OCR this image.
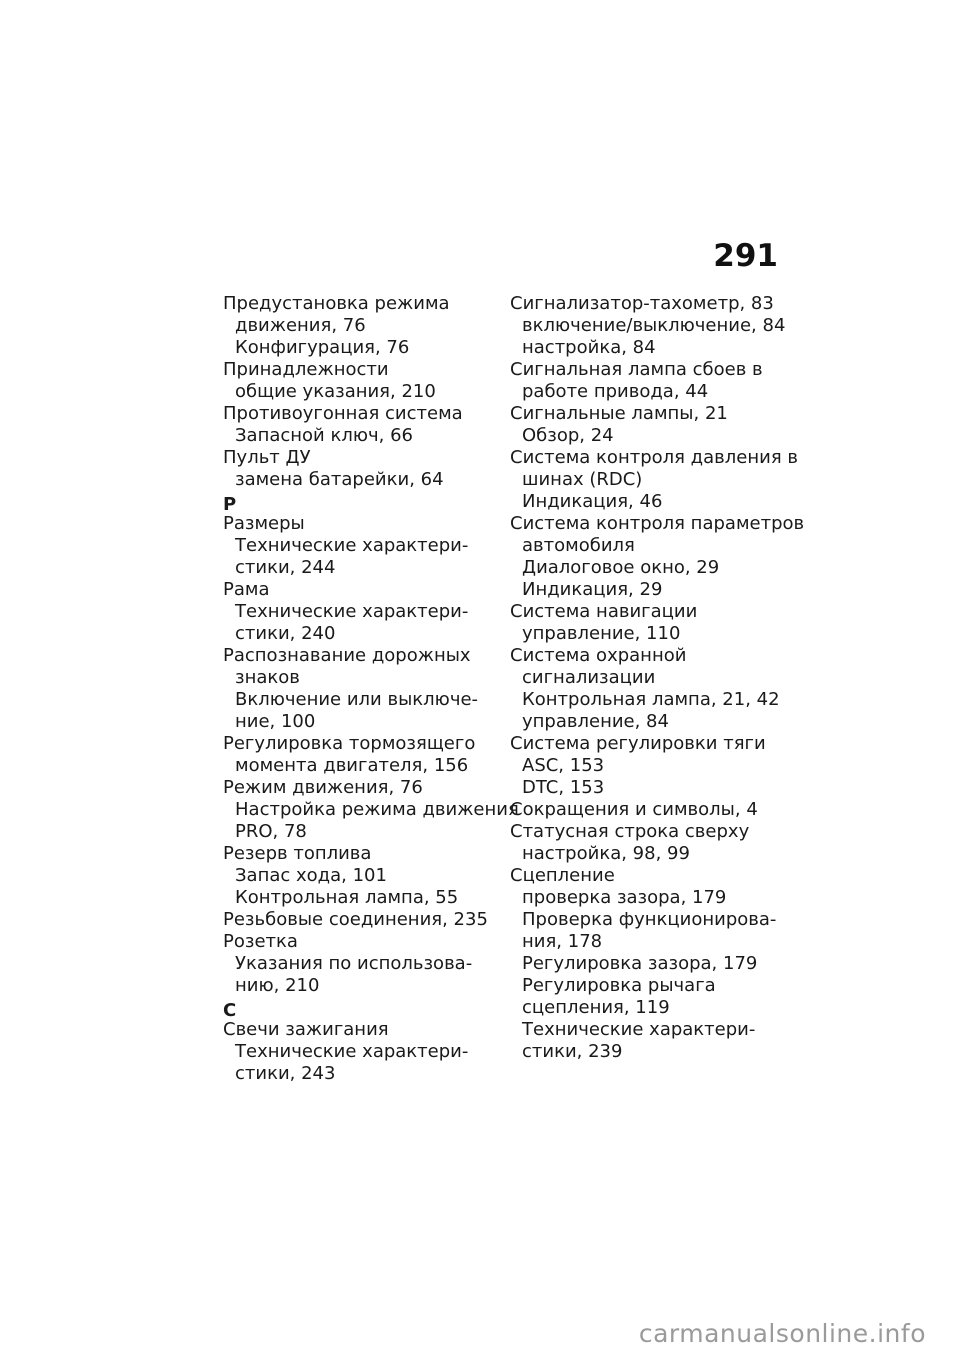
291
Предустановка режима
движения, 76
Конфигурация, 76
Принадлежности
общие указания, 210
Противоугонная система
Запасной ключ, 66
Пульт ДУ
замена батарейки, 64
Р
Размеры
Технические характери-
стики, 244
Рама
Технические характери-
стики, 240
Распознавание дорожных
знаков
Включение или выключе-
ние, 100
Регулировка тормозящего
момента двигателя, 156
Режим движения, 76
Настройка режима движения
PRO, 78
Резерв топлива
Запас хода, 101
Контрольная лампа, 55
Резьбовые соединения, 235
Розетка
Указания по использова-
нию, 210
С
Свечи зажигания
Технические характери-
стики, 243
Сигнализатор-тахометр, 83
включение/выключение, 84
настройка, 84
Сигнальная лампа сбоев в
работе привода, 44
Сигнальные лампы, 21
Обзор, 24
Система контроля давления в
шинах (RDC)
Индикация, 46
Система контроля параметров
автомобиля
Диалоговое окно, 29
Индикация, 29
Система навигации
управление, 110
Система охранной
сигнализации
Контрольная лампа, 21, 42
управление, 84
Система регулировки тяги
ASC, 153
DTC, 153
Сокращения и символы, 4
Статусная строка сверху
настройка, 98, 99
Сцепление
проверка зазора, 179
Проверка функционирова-
ния, 178
Регулировка зазора, 179
Регулировка рычага
сцепления, 119
Технические характери-
стики, 239
carmanualsonline.info
